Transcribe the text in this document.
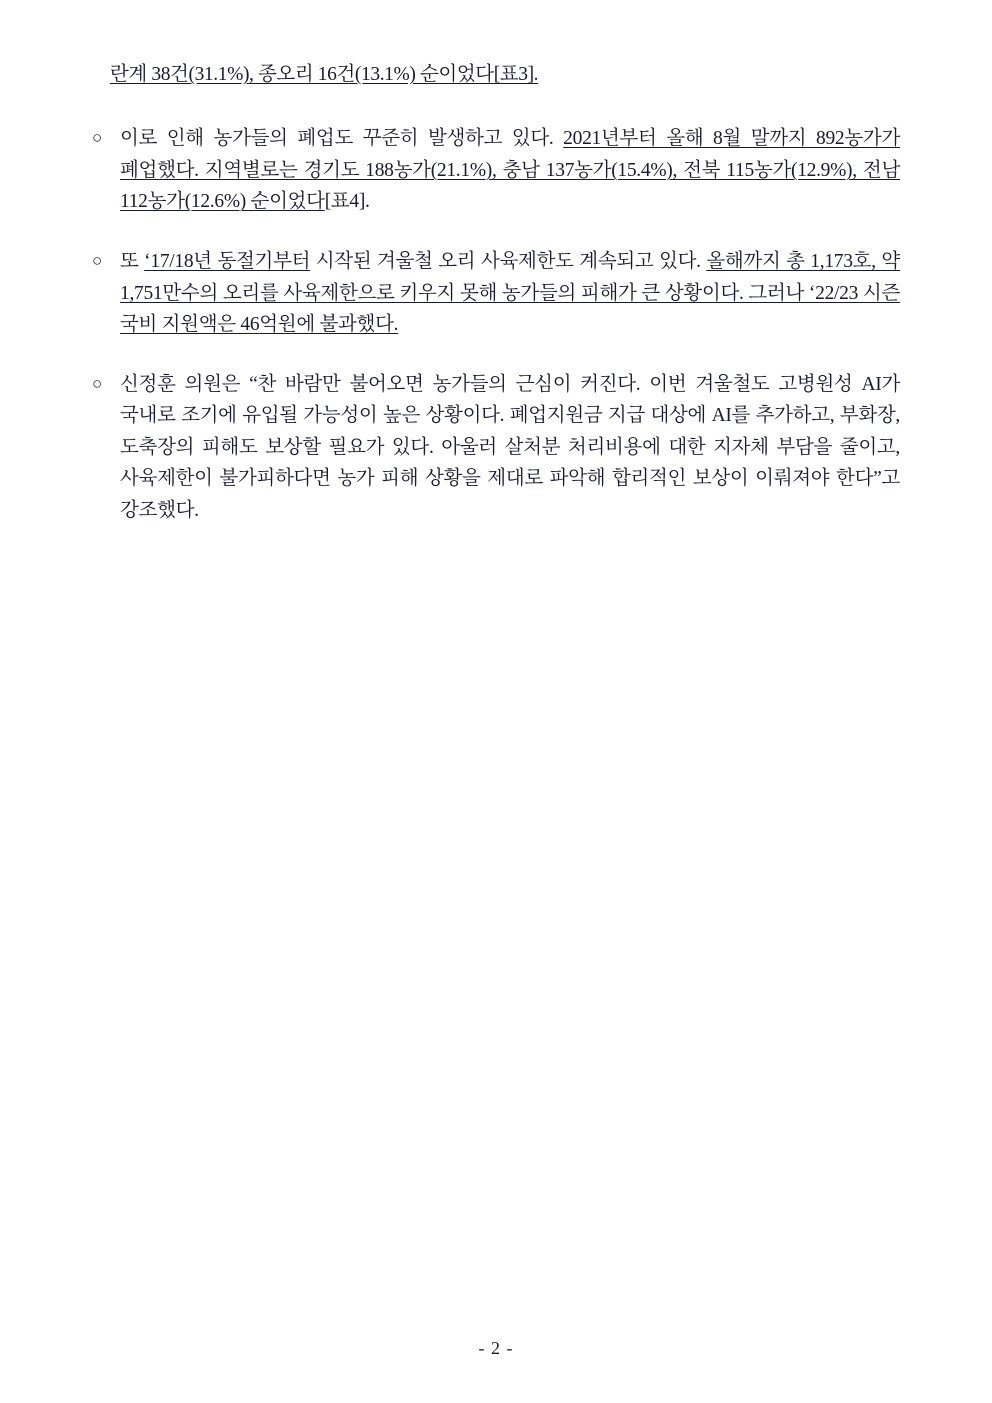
란계 38건(31.1%), 종오리 16건(13.1%) 순이었다[표3].
○ 이로 인해 농가들의 폐업도 꾸준히 발생하고 있다. 2021년부터 올해 8월 말까지 892농가가 폐업했다. 지역별로는 경기도 188농가(21.1%), 충남 137농가(15.4%), 전북 115농가(12.9%), 전남 112농가(12.6%) 순이었다[표4].
○ 또 ‘17/18년 동절기부터 시작된 겨울철 오리 사육제한도 계속되고 있다. 올해까지 총 1,173호, 약 1,751만수의 오리를 사육제한으로 키우지 못해 농가들의 피해가 큰 상황이다. 그러나 ‘22/23 시즌 국비 지원액은 46억원에 불과했다.
○ 신정훈 의원은 “찬 바람만 불어오면 농가들의 근심이 커진다. 이번 겨울철도 고병원성 AI가 국내로 조기에 유입될 가능성이 높은 상황이다. 폐업지원금 지급 대상에 AI를 추가하고, 부화장, 도축장의 피해도 보상할 필요가 있다. 아울러 살처분 처리비용에 대한 지자체 부담을 줄이고, 사육제한이 불가피하다면 농가 피해 상황을 제대로 파악해 합리적인 보상이 이뤄져야 한다”고 강조했다.
- 2 -
